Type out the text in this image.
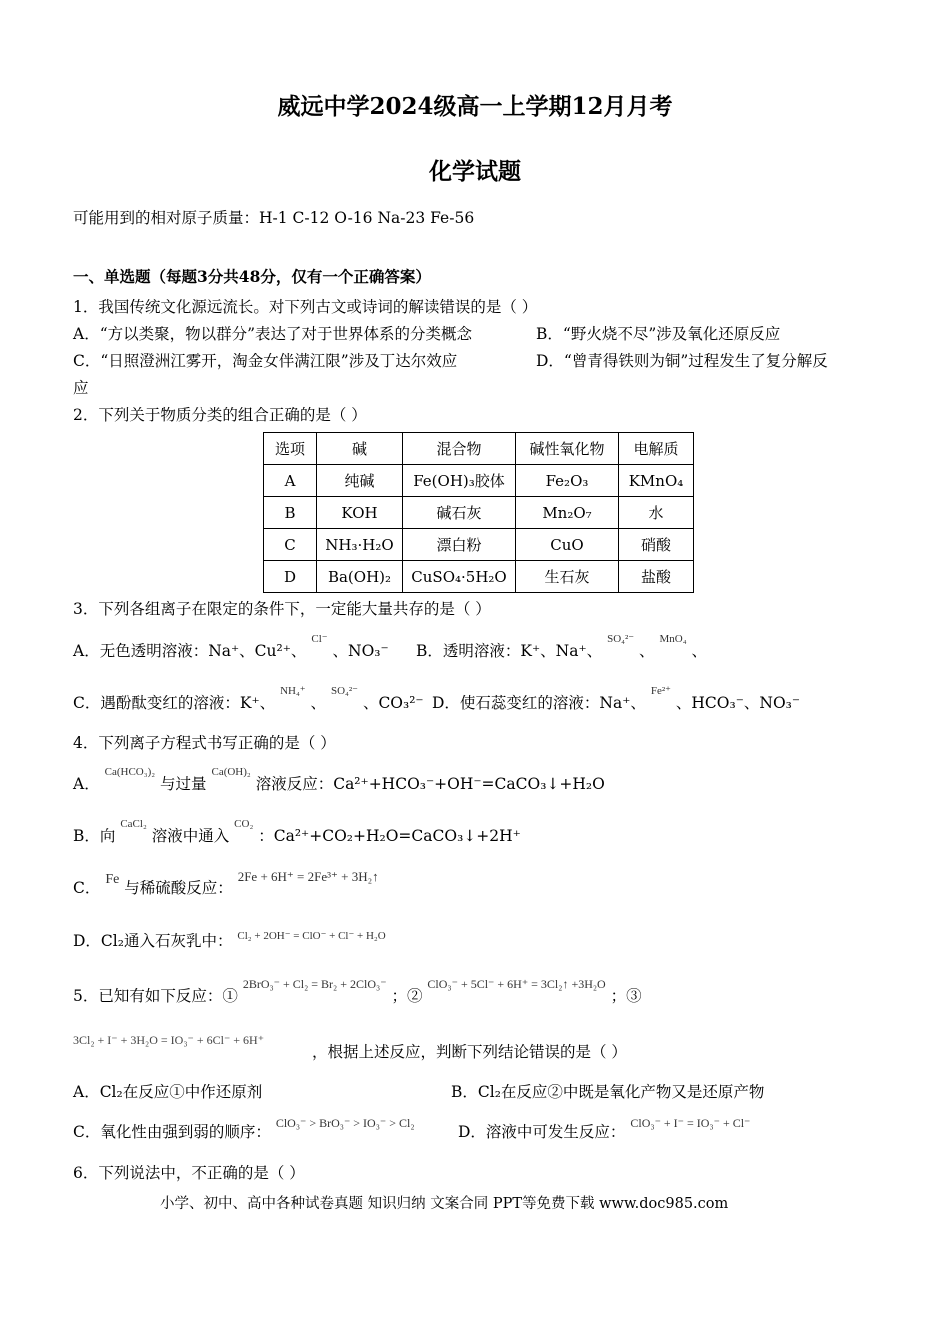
威远中学2024级高一上学期12月月考
化学试题
可能用到的相对原子质量：H-1 C-12 O-16 Na-23 Fe-56
一、单选题（每题3分共48分，仅有一个正确答案）
1．我国传统文化源远流长。对下列古文或诗词的解读错误的是（ ）
A．“方以类聚，物以群分”表达了对于世界体系的分类概念	B．“野火烧不尽”涉及氧化还原反应
C．“日照澄洲江雾开，淘金女伴满江限”涉及丁达尔效应	D．“曾青得铁则为铜”过程发生了复分解反
应
2．下列关于物质分类的组合正确的是（ ）
选项	碱	混合物	碱性氧化物	电解质
A	纯碱	Fe(OH)₃胶体	Fe₂O₃	KMnO₄
B	KOH	碱石灰	Mn₂O₇	水
C	NH₃·H₂O	漂白粉	CuO	硝酸
D	Ba(OH)₂	CuSO₄·5H₂O	生石灰	盐酸
3．下列各组离子在限定的条件下，一定能大量共存的是（ ）
A．无色透明溶液：Na⁺、Cu²⁺、 $^{Cl^-}$ 、NO₃⁻ B．透明溶液：K⁺、Na⁺、 $^{SO_4^{2-}}$ 、 $^{MnO_4}$ 、
C．遇酚酞变红的溶液：K⁺、 $^{NH_4^+}$ 、 $^{SO_4^{2-}}$ 、CO₃²⁻ D．使石蕊变红的溶液：Na⁺、 $^{Fe^{2+}}$ 、HCO₃⁻、NO₃⁻
4．下列离子方程式书写正确的是（ ）
A． $^{Ca(HCO_3)_2}$ 与过量 $^{Ca(OH)_2}$ 溶液反应：Ca²⁺+HCO₃⁻+OH⁻=CaCO₃↓+H₂O
B．向 $^{CaCl_2}$ 溶液中通入 $^{CO_2}$ ：Ca²⁺+CO₂+H₂O=CaCO₃↓+2H⁺
C． Fe 与稀硫酸反应： $^{2Fe + 6H^+ = 2Fe^{3+} + 3H_2↑}$
D．Cl₂通入石灰乳中： $^{Cl_2 + 2OH^- = ClO^- + Cl^- + H_2O}$
5．已知有如下反应：① $^{2BrO_3^- + Cl_2 = Br_2 + 2ClO_3^-}$ ；② $^{ClO_3^- + 5Cl^- + 6H^+ = 3Cl_2↑ +3H_2O}$ ；③
3Cl₂ + I⁻ + 3H₂O = IO₃⁻ + 6Cl⁻ + 6H⁺
，根据上述反应，判断下列结论错误的是（ ）
A．Cl₂在反应①中作还原剂	B．Cl₂在反应②中既是氧化产物又是还原产物
C．氧化性由强到弱的顺序： $^{ClO_3^- > BrO_3^- > IO_3^- > Cl_2}$	D．溶液中可发生反应： $^{ClO_3^- + I^- = IO_3^- + Cl^-}$
6．下列说法中，不正确的是（ ）
小学、初中、高中各种试卷真题 知识归纳 文案合同 PPT等免费下载 www.doc985.com
